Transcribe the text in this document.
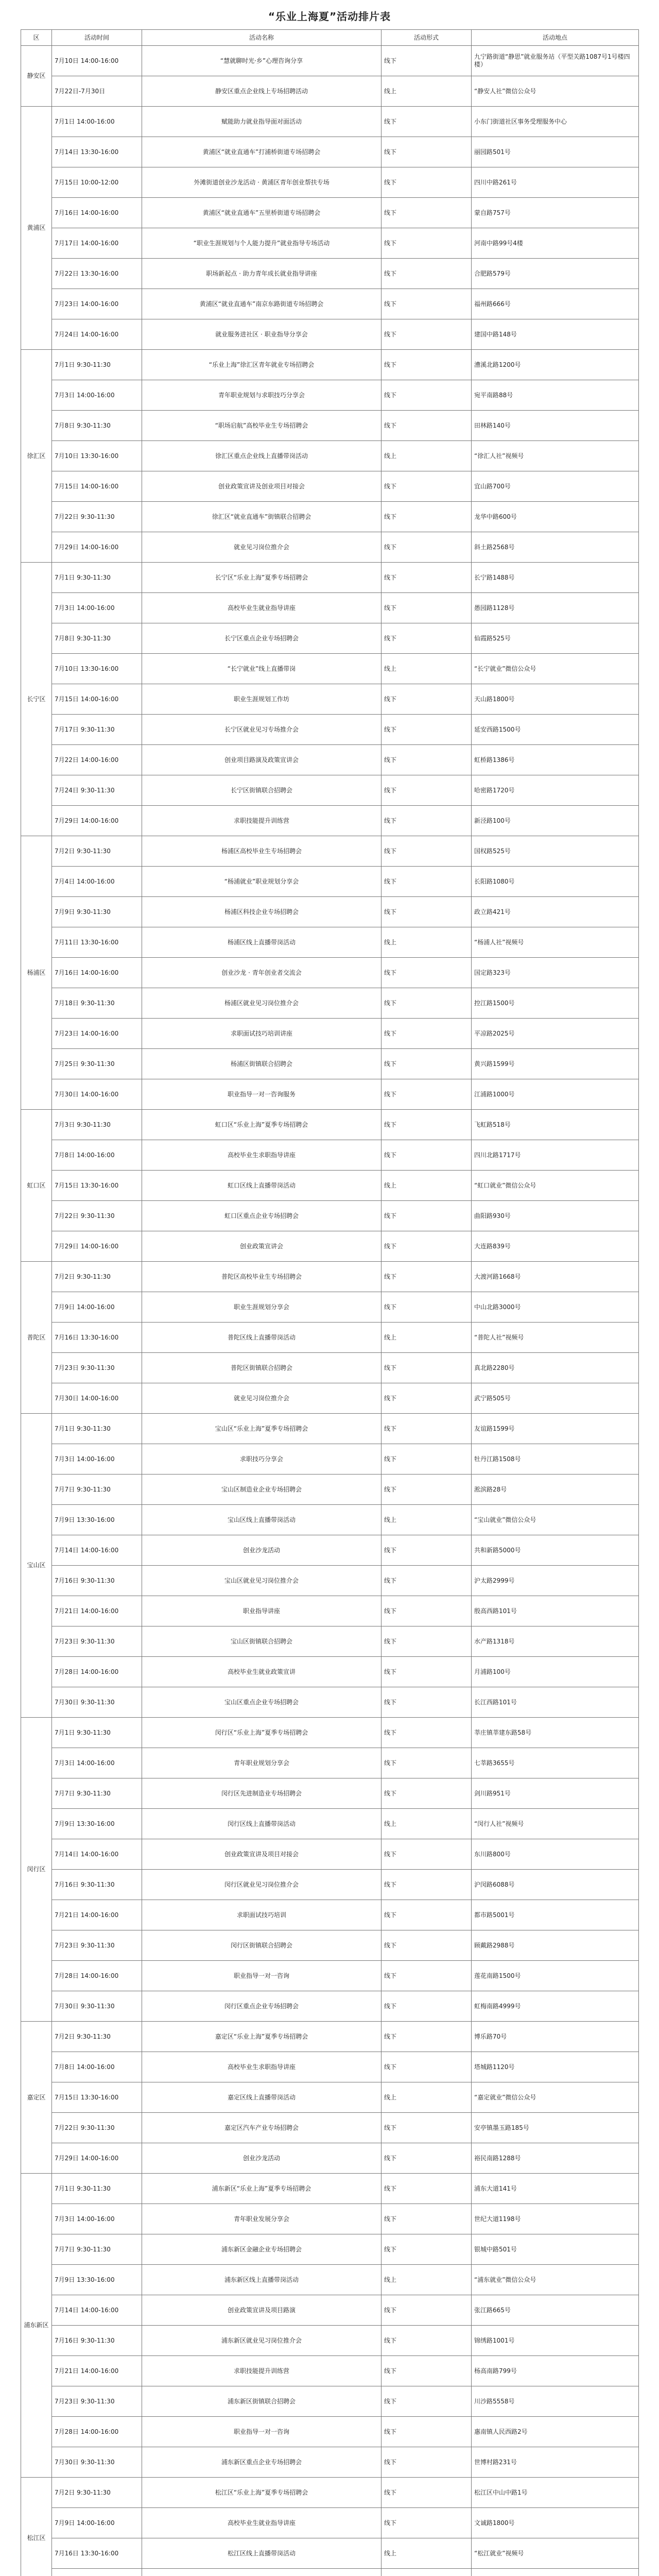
“乐业上海夏”活动排片表
区	活动时间	活动名称	活动形式	活动地点
静安区	7月10日 14:00-16:00	“慧就聊时光·乡”心理咨询分享	线下	九宁路街道“静思”就业服务站（平型关路1087号1号楼四楼）
	7月22日-7月30日	静安区重点企业线上专场招聘活动	线上	“静安人社”微信公众号
黄浦区	7月1日 14:00-16:00	赋能助力就业指导面对面活动	线下	小东门街道社区事务受理服务中心
	7月14日 13:30-16:00	黄浦区“就业直通车”打浦桥街道专场招聘会	线下	丽园路501号
	7月15日 10:00-12:00	外滩街道创业沙龙活动 · 黄浦区青年创业帮扶专场	线下	四川中路261号
	7月16日 14:00-16:00	黄浦区“就业直通车”五里桥街道专场招聘会	线下	蒙自路757号
	7月17日 14:00-16:00	“职业生涯规划与个人能力提升”就业指导专场活动	线下	河南中路99号4楼
	7月22日 13:30-16:00	职场新起点 · 助力青年成长就业指导讲座	线下	合肥路579号
	7月23日 14:00-16:00	黄浦区“就业直通车”南京东路街道专场招聘会	线下	福州路666号
	7月24日 14:00-16:00	就业服务进社区 · 职业指导分享会	线下	建国中路148号
徐汇区	7月1日 9:30-11:30	“乐业上海”徐汇区青年就业专场招聘会	线下	漕溪北路1200号
	7月3日 14:00-16:00	青年职业规划与求职技巧分享会	线下	宛平南路88号
	7月8日 9:30-11:30	“职场启航”高校毕业生专场招聘会	线下	田林路140号
	7月10日 13:30-16:00	徐汇区重点企业线上直播带岗活动	线上	“徐汇人社”视频号
	7月15日 14:00-16:00	创业政策宣讲及创业项目对接会	线下	宜山路700号
	7月22日 9:30-11:30	徐汇区“就业直通车”街镇联合招聘会	线下	龙华中路600号
	7月29日 14:00-16:00	就业见习岗位推介会	线下	斜土路2568号
长宁区	7月1日 9:30-11:30	长宁区“乐业上海”夏季专场招聘会	线下	长宁路1488号
	7月3日 14:00-16:00	高校毕业生就业指导讲座	线下	愚园路1128号
	7月8日 9:30-11:30	长宁区重点企业专场招聘会	线下	仙霞路525号
	7月10日 13:30-16:00	“长宁就业”线上直播带岗	线上	“长宁就业”微信公众号
	7月15日 14:00-16:00	职业生涯规划工作坊	线下	天山路1800号
	7月17日 9:30-11:30	长宁区就业见习专场推介会	线下	延安西路1500号
	7月22日 14:00-16:00	创业项目路演及政策宣讲会	线下	虹桥路1386号
	7月24日 9:30-11:30	长宁区街镇联合招聘会	线下	哈密路1720号
	7月29日 14:00-16:00	求职技能提升训练营	线下	新泾路100号
杨浦区	7月2日 9:30-11:30	杨浦区高校毕业生专场招聘会	线下	国权路525号
	7月4日 14:00-16:00	“杨浦就业”职业规划分享会	线下	长阳路1080号
	7月9日 9:30-11:30	杨浦区科技企业专场招聘会	线下	政立路421号
	7月11日 13:30-16:00	杨浦区线上直播带岗活动	线上	“杨浦人社”视频号
	7月16日 14:00-16:00	创业沙龙 · 青年创业者交流会	线下	国定路323号
	7月18日 9:30-11:30	杨浦区就业见习岗位推介会	线下	控江路1500号
	7月23日 14:00-16:00	求职面试技巧培训讲座	线下	平凉路2025号
	7月25日 9:30-11:30	杨浦区街镇联合招聘会	线下	黄兴路1599号
	7月30日 14:00-16:00	职业指导一对一咨询服务	线下	江浦路1000号
虹口区	7月3日 9:30-11:30	虹口区“乐业上海”夏季专场招聘会	线下	飞虹路518号
	7月8日 14:00-16:00	高校毕业生求职指导讲座	线下	四川北路1717号
	7月15日 13:30-16:00	虹口区线上直播带岗活动	线上	“虹口就业”微信公众号
	7月22日 9:30-11:30	虹口区重点企业专场招聘会	线下	曲阳路930号
	7月29日 14:00-16:00	创业政策宣讲会	线下	大连路839号
普陀区	7月2日 9:30-11:30	普陀区高校毕业生专场招聘会	线下	大渡河路1668号
	7月9日 14:00-16:00	职业生涯规划分享会	线下	中山北路3000号
	7月16日 13:30-16:00	普陀区线上直播带岗活动	线上	“普陀人社”视频号
	7月23日 9:30-11:30	普陀区街镇联合招聘会	线下	真北路2280号
	7月30日 14:00-16:00	就业见习岗位推介会	线下	武宁路505号
宝山区	7月1日 9:30-11:30	宝山区“乐业上海”夏季专场招聘会	线下	友谊路1599号
	7月3日 14:00-16:00	求职技巧分享会	线下	牡丹江路1508号
	7月7日 9:30-11:30	宝山区制造业企业专场招聘会	线下	淞滨路28号
	7月9日 13:30-16:00	宝山区线上直播带岗活动	线上	“宝山就业”微信公众号
	7月14日 14:00-16:00	创业沙龙活动	线下	共和新路5000号
	7月16日 9:30-11:30	宝山区就业见习岗位推介会	线下	沪太路2999号
	7月21日 14:00-16:00	职业指导讲座	线下	殷高西路101号
	7月23日 9:30-11:30	宝山区街镇联合招聘会	线下	水产路1318号
	7月28日 14:00-16:00	高校毕业生就业政策宣讲	线下	月浦路100号
	7月30日 9:30-11:30	宝山区重点企业专场招聘会	线下	长江西路101号
闵行区	7月1日 9:30-11:30	闵行区“乐业上海”夏季专场招聘会	线下	莘庄镇莘建东路58号
	7月3日 14:00-16:00	青年职业规划分享会	线下	七莘路3655号
	7月7日 9:30-11:30	闵行区先进制造业专场招聘会	线下	剑川路951号
	7月9日 13:30-16:00	闵行区线上直播带岗活动	线上	“闵行人社”视频号
	7月14日 14:00-16:00	创业政策宣讲及项目对接会	线下	东川路800号
	7月16日 9:30-11:30	闵行区就业见习岗位推介会	线下	沪闵路6088号
	7月21日 14:00-16:00	求职面试技巧培训	线下	都市路5001号
	7月23日 9:30-11:30	闵行区街镇联合招聘会	线下	顾戴路2988号
	7月28日 14:00-16:00	职业指导一对一咨询	线下	莲花南路1500号
	7月30日 9:30-11:30	闵行区重点企业专场招聘会	线下	虹梅南路4999号
嘉定区	7月2日 9:30-11:30	嘉定区“乐业上海”夏季专场招聘会	线下	博乐路70号
	7月8日 14:00-16:00	高校毕业生求职指导讲座	线下	塔城路1120号
	7月15日 13:30-16:00	嘉定区线上直播带岗活动	线上	“嘉定就业”微信公众号
	7月22日 9:30-11:30	嘉定区汽车产业专场招聘会	线下	安亭镇墨玉路185号
	7月29日 14:00-16:00	创业沙龙活动	线下	裕民南路1288号
浦东新区	7月1日 9:30-11:30	浦东新区“乐业上海”夏季专场招聘会	线下	浦东大道141号
	7月3日 14:00-16:00	青年职业发展分享会	线下	世纪大道1198号
	7月7日 9:30-11:30	浦东新区金融企业专场招聘会	线下	银城中路501号
	7月9日 13:30-16:00	浦东新区线上直播带岗活动	线上	“浦东就业”微信公众号
	7月14日 14:00-16:00	创业政策宣讲及项目路演	线下	张江路665号
	7月16日 9:30-11:30	浦东新区就业见习岗位推介会	线下	锦绣路1001号
	7月21日 14:00-16:00	求职技能提升训练营	线下	杨高南路799号
	7月23日 9:30-11:30	浦东新区街镇联合招聘会	线下	川沙路5558号
	7月28日 14:00-16:00	职业指导一对一咨询	线下	惠南镇人民西路2号
	7月30日 9:30-11:30	浦东新区重点企业专场招聘会	线下	世博村路231号
松江区	7月2日 9:30-11:30	松江区“乐业上海”夏季专场招聘会	线下	松江区中山中路1号
	7月9日 14:00-16:00	高校毕业生就业指导讲座	线下	文诚路1800号
	7月16日 13:30-16:00	松江区线上直播带岗活动	线上	“松江就业”视频号
